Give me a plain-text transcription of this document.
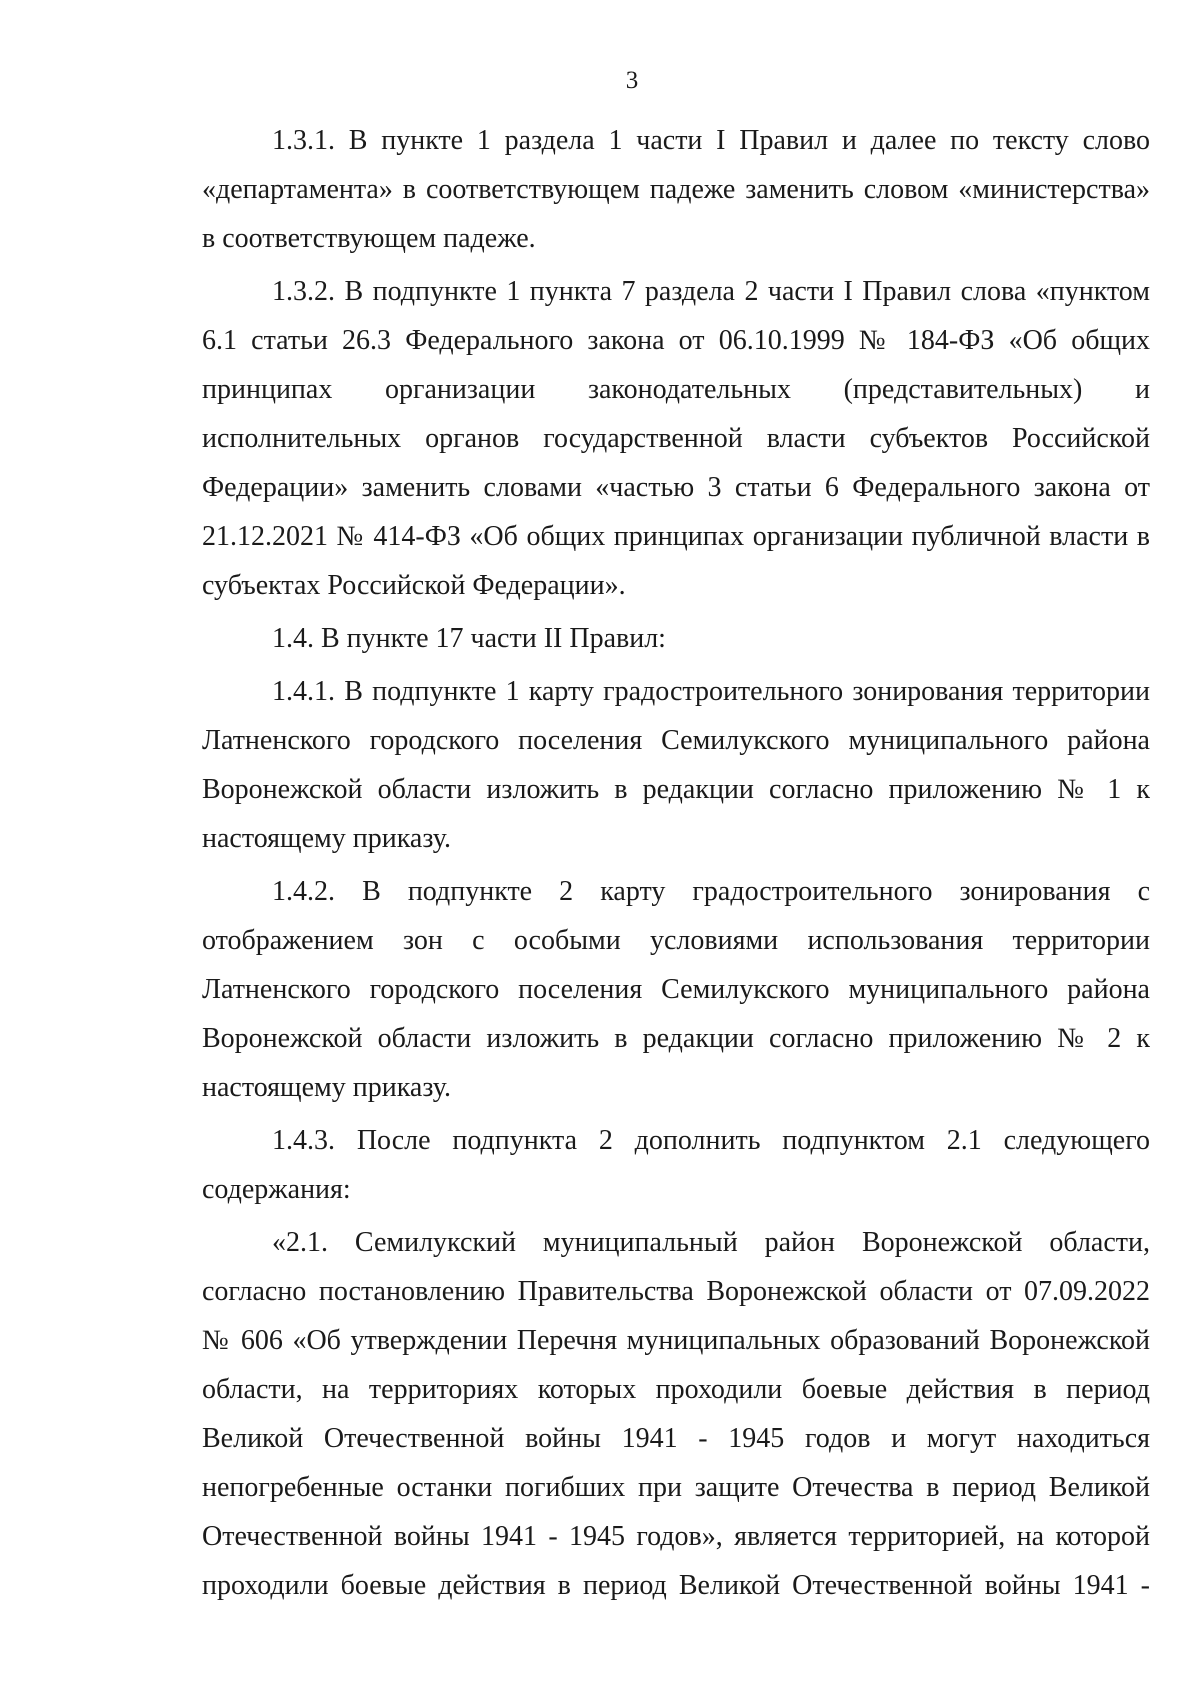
3

1.3.1. В пункте 1 раздела 1 части I Правил и далее по тексту слово «департамента» в соответствующем падеже заменить словом «министерства» в соответствующем падеже.

1.3.2. В подпункте 1 пункта 7 раздела 2 части I Правил слова «пунктом 6.1 статьи 26.3 Федерального закона от 06.10.1999 № 184-ФЗ «Об общих принципах организации законодательных (представительных) и исполнительных органов государственной власти субъектов Российской Федерации» заменить словами «частью 3 статьи 6 Федерального закона от 21.12.2021 № 414-ФЗ «Об общих принципах организации публичной власти в субъектах Российской Федерации».

1.4. В пункте 17 части II Правил:

1.4.1. В подпункте 1 карту градостроительного зонирования территории Латненского городского поселения Семилукского муниципального района Воронежской области изложить в редакции согласно приложению № 1 к настоящему приказу.

1.4.2. В подпункте 2 карту градостроительного зонирования с отображением зон с особыми условиями использования территории Латненского городского поселения Семилукского муниципального района Воронежской области изложить в редакции согласно приложению № 2 к настоящему приказу.

1.4.3. После подпункта 2 дополнить подпунктом 2.1 следующего содержания:

«2.1. Семилукский муниципальный район Воронежской области, согласно постановлению Правительства Воронежской области от 07.09.2022 № 606 «Об утверждении Перечня муниципальных образований Воронежской области, на территориях которых проходили боевые действия в период Великой Отечественной войны 1941 - 1945 годов и могут находиться непогребенные останки погибших при защите Отечества в период Великой Отечественной войны 1941 - 1945 годов», является территорией, на которой проходили боевые действия в период Великой Отечественной войны 1941 -
